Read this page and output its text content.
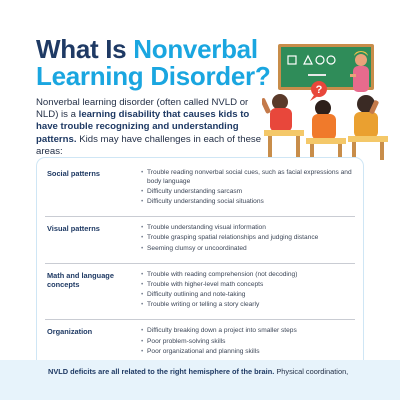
What Is Nonverbal
Learning Disorder?

Nonverbal learning disorder (often called NVLD or NLD) is a learning disability that causes kids to have trouble recognizing and understanding patterns. Kids may have challenges in each of these areas:

?
Social patterns	• Trouble reading nonverbal social cues, such as facial expressions and body language
• Difficulty understanding sarcasm
• Difficulty understanding social situations
Visual patterns	• Trouble understanding visual information
• Trouble grasping spatial relationships and judging distance
• Seeming clumsy or uncoordinated
Math and language concepts
• Trouble with reading comprehension (not decoding)
• Trouble with higher-level math concepts
• Difficulty outlining and note-taking
• Trouble writing or telling a story clearly
Organization	• Difficulty breaking down a project into smaller steps
• Poor problem-solving skills
• Poor organizational and planning skills

NVLD deficits are all related to the right hemisphere of the brain. Physical coordination,
